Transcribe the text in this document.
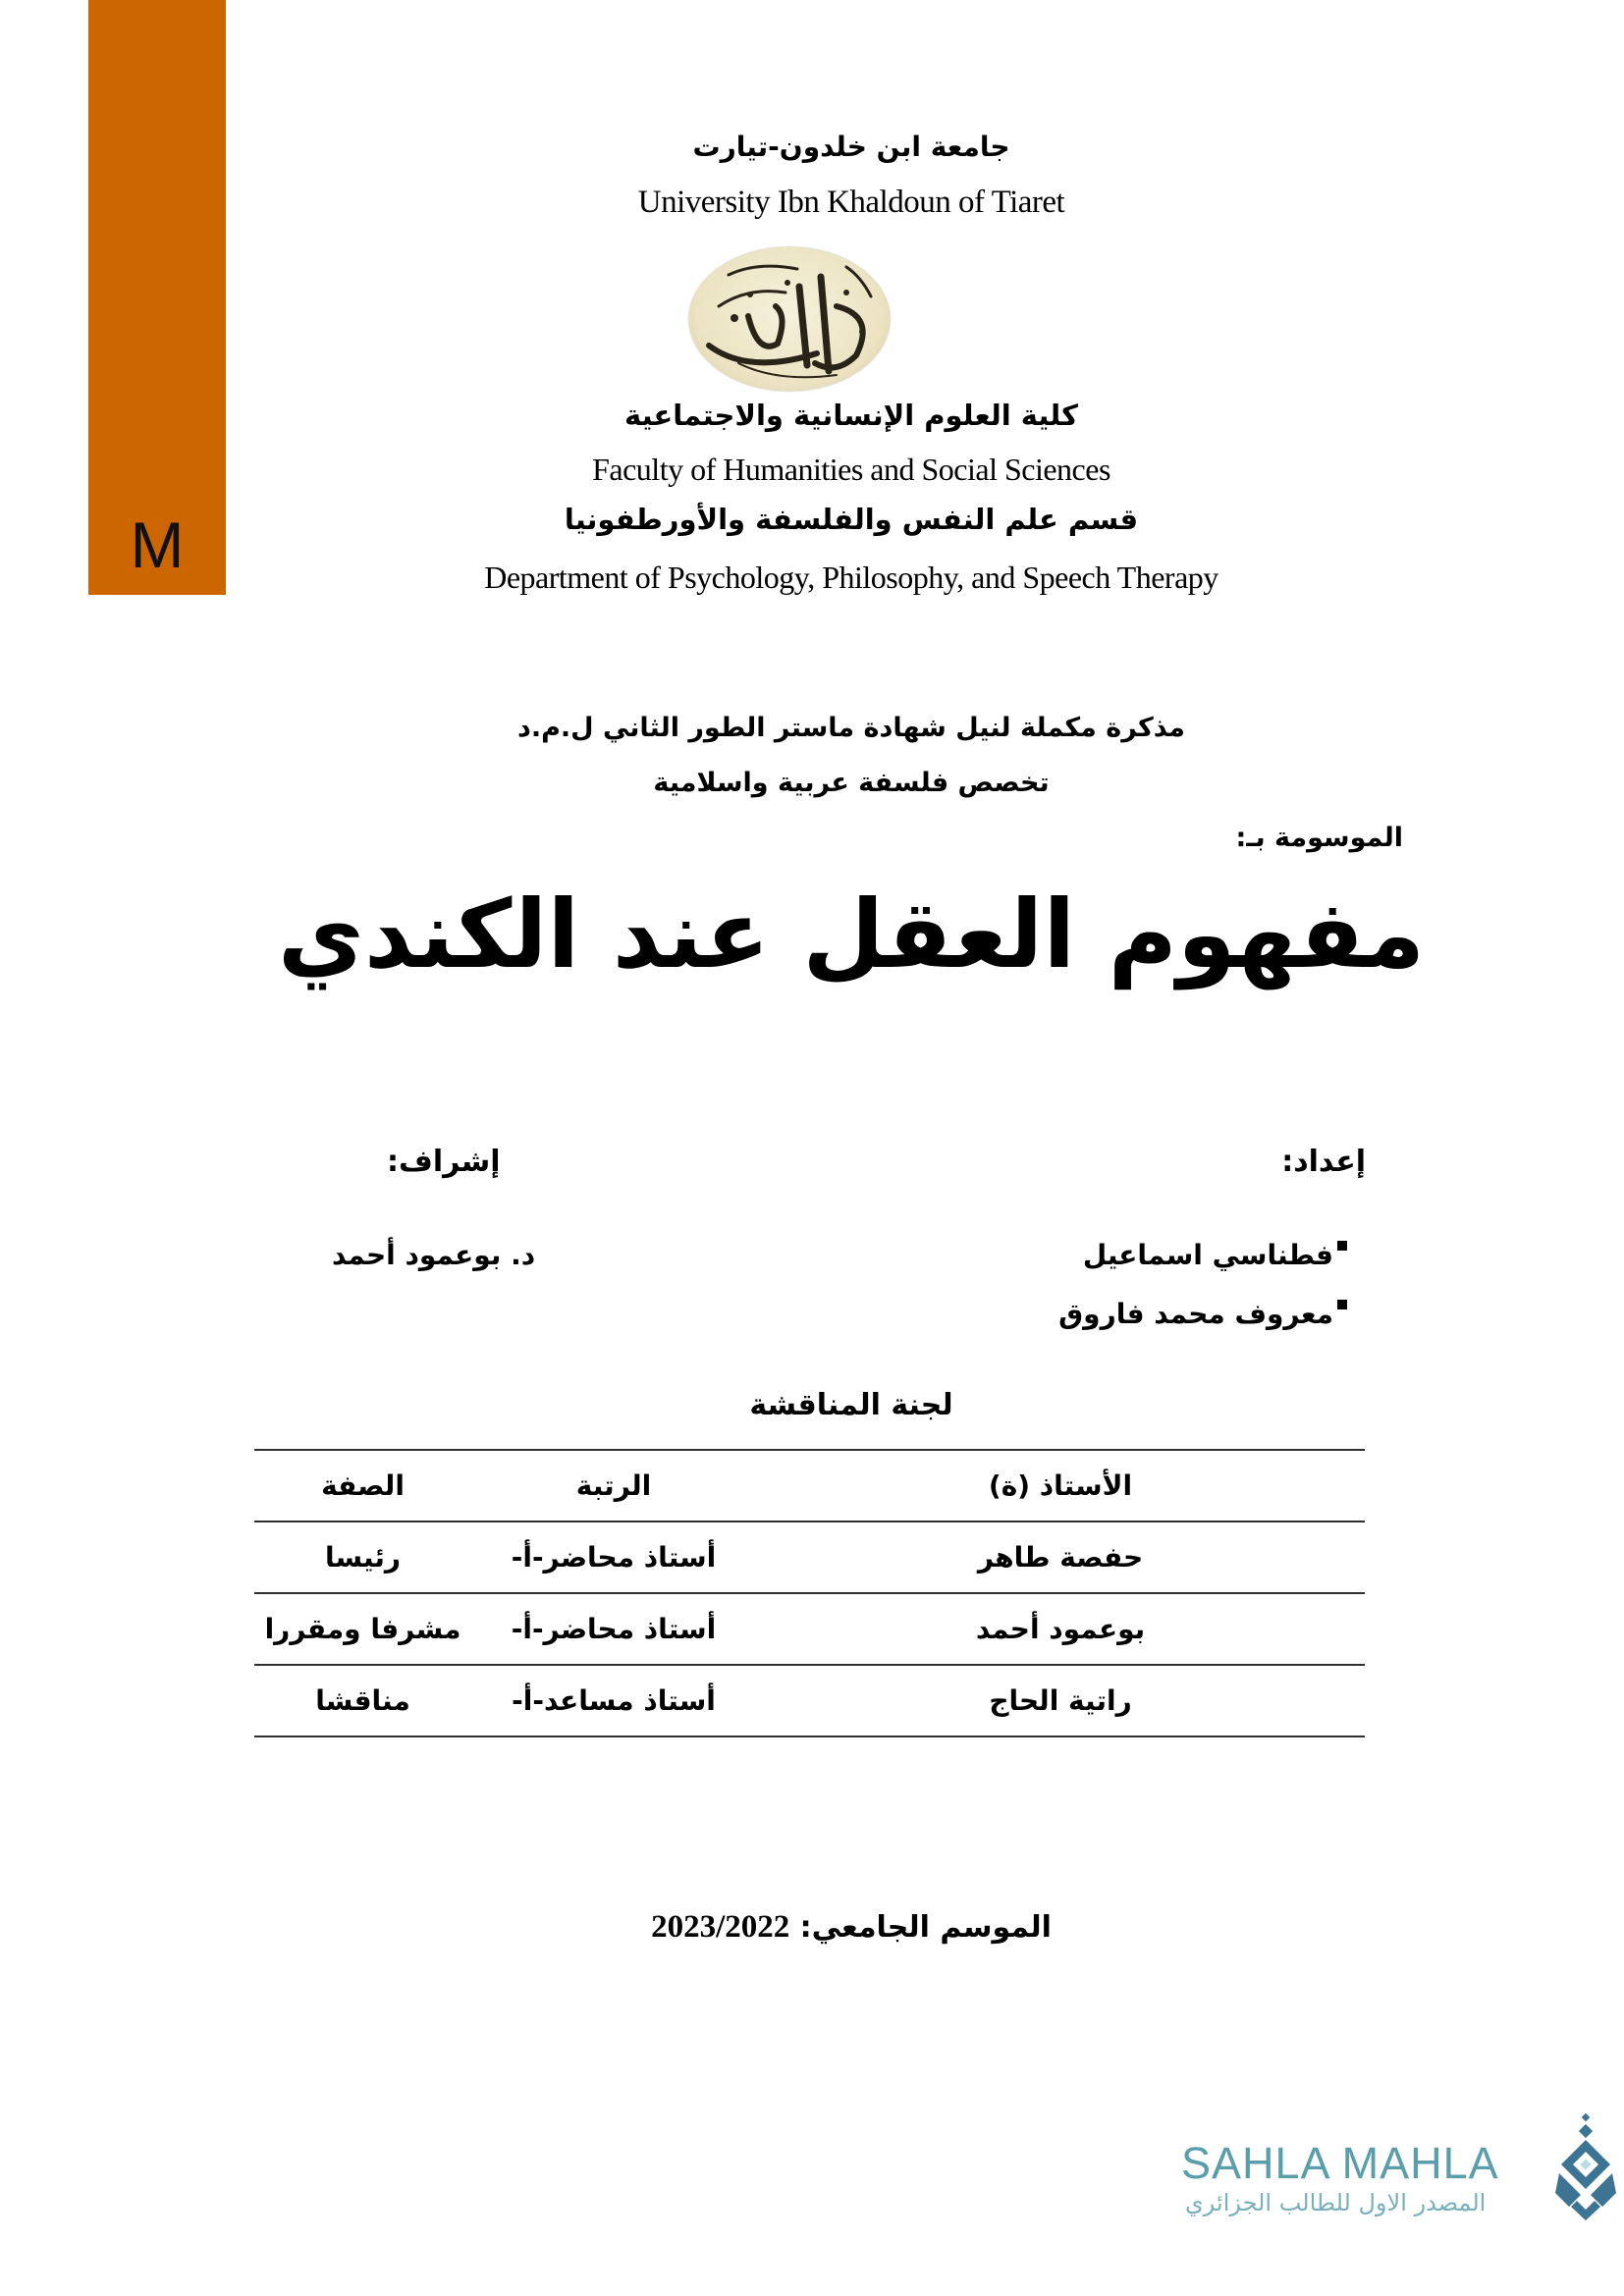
M
جامعة ابن خلدون-تيارت
University Ibn Khaldoun of Tiaret
كلية العلوم الإنسانية والاجتماعية
Faculty of Humanities and Social Sciences
قسم علم النفس والفلسفة والأورطفونيا
Department of Psychology, Philosophy, and Speech Therapy
مذكرة مكملة لنيل شهادة ماستر الطور الثاني ل.م.د
تخصص فلسفة عربية واسلامية
الموسومة بـ:
مفهوم العقل عند الكندي
إعداد:
إشراف:
فطناسي اسماعيل
معروف محمد فاروق
د. بوعمود أحمد
لجنة المناقشة
الأستاذ (ة)	الرتبة	الصفة
حفصة طاهر	أستاذ محاضر-أ-	رئيسا
بوعمود أحمد	أستاذ محاضر-أ-	مشرفا ومقررا
راتية الحاج	أستاذ مساعد-أ-	مناقشا
الموسم الجامعي: 2023/2022
SAHLA MAHLA
المصدر الاول للطالب الجزائري
